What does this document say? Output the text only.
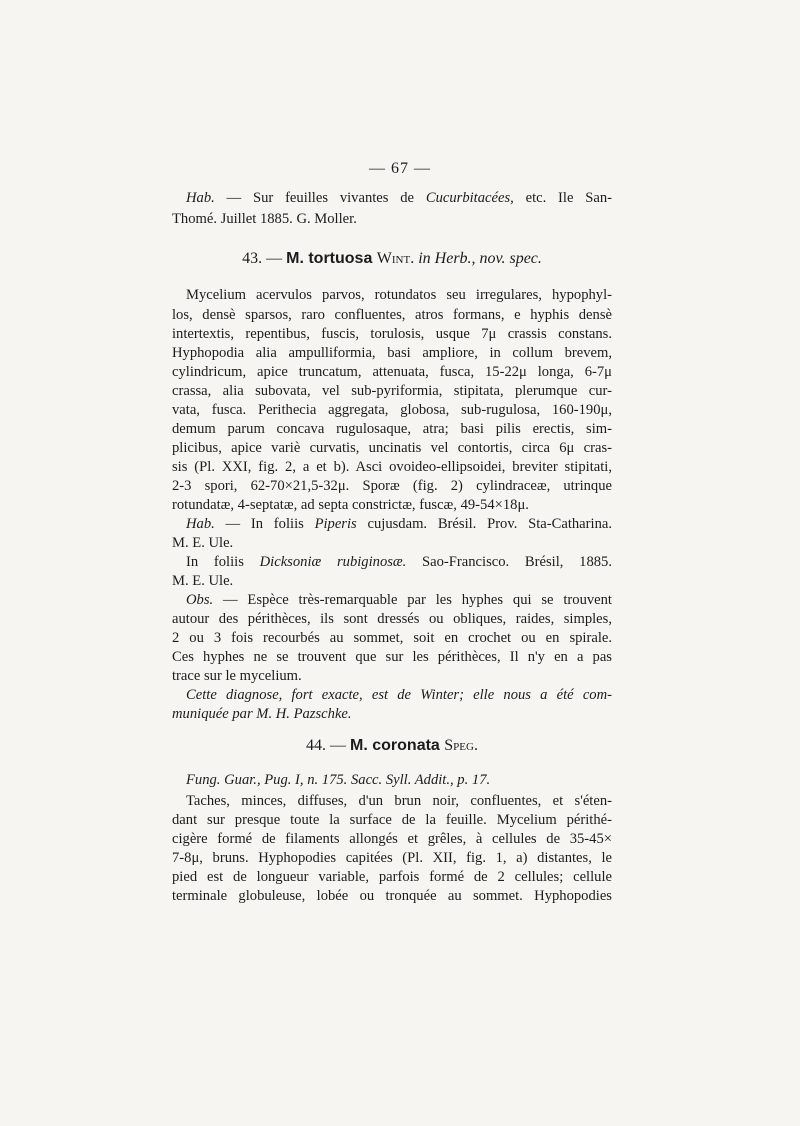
— 67 —
Hab. — Sur feuilles vivantes de Cucurbitacées, etc. Ile San-
Thomé. Juillet 1885. G. Moller.
43. — M. tortuosa Wint. in Herb., nov. spec.
Mycelium acervulos parvos, rotundatos seu irregulares, hypophyl-
los, densè sparsos, raro confluentes, atros formans, e hyphis densè
intertextis, repentibus, fuscis, torulosis, usque 7μ crassis constans.
Hyphopodia alia ampulliformia, basi ampliore, in collum brevem,
cylindricum, apice truncatum, attenuata, fusca, 15-22μ longa, 6-7μ
crassa, alia subovata, vel sub-pyriformia, stipitata, plerumque cur-
vata, fusca. Perithecia aggregata, globosa, sub-rugulosa, 160-190μ,
demum parum concava rugulosaque, atra; basi pilis erectis, sim-
plicibus, apice variè curvatis, uncinatis vel contortis, circa 6μ cras-
sis (Pl. XXI, fig. 2, a et b). Asci ovoideo-ellipsoidei, breviter stipitati,
2-3 spori, 62-70×21,5-32μ. Sporæ (fig. 2) cylindraceæ, utrinque
rotundatæ, 4-septatæ, ad septa constrictæ, fuscæ, 49-54×18μ.
Hab. — In foliis Piperis cujusdam. Brésil. Prov. Sta-Catharina.
M. E. Ule.
In foliis Dicksoniæ rubiginosæ. Sao-Francisco. Brésil, 1885.
M. E. Ule.
Obs. — Espèce très-remarquable par les hyphes qui se trouvent
autour des périthèces, ils sont dressés ou obliques, raides, simples,
2 ou 3 fois recourbés au sommet, soit en crochet ou en spirale.
Ces hyphes ne se trouvent que sur les périthèces, Il n'y en a pas
trace sur le mycelium.
Cette diagnose, fort exacte, est de Winter; elle nous a été com-
muniquée par M. H. Pazschke.
44. — M. coronata Speg.
Fung. Guar., Pug. I, n. 175. Sacc. Syll. Addit., p. 17.
Taches, minces, diffuses, d'un brun noir, confluentes, et s'éten-
dant sur presque toute la surface de la feuille. Mycelium périthé-
cigère formé de filaments allongés et grêles, à cellules de 35-45×
7-8μ, bruns. Hyphopodies capitées (Pl. XII, fig. 1, a) distantes, le
pied est de longueur variable, parfois formé de 2 cellules; cellule
terminale globuleuse, lobée ou tronquée au sommet. Hyphopodies
